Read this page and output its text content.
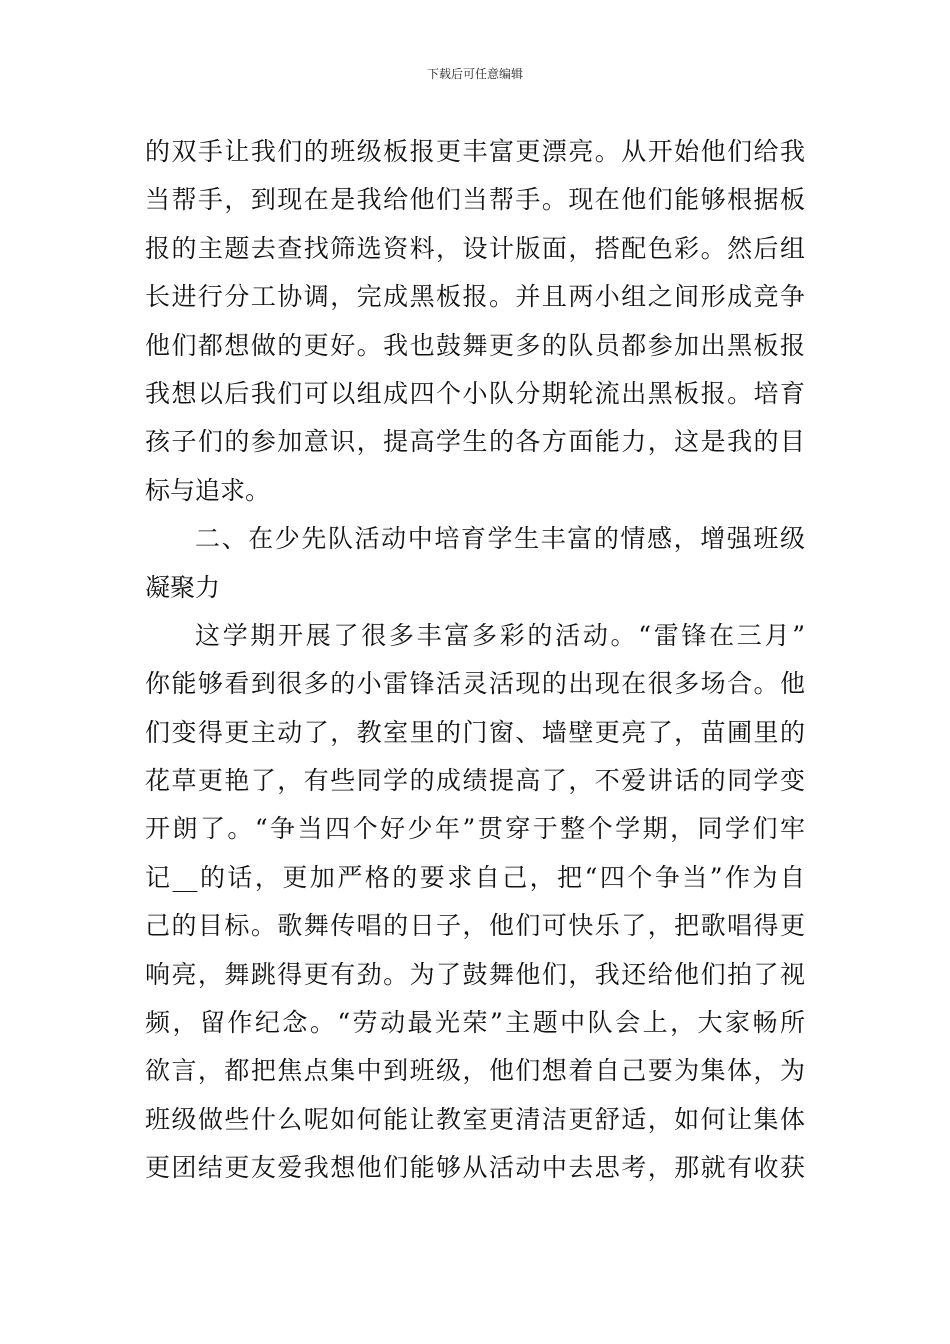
下载后可任意编辑
的双手让我们的班级板报更丰富更漂亮。从开始他们给我
当帮手，到现在是我给他们当帮手。现在他们能够根据板
报的主题去查找筛选资料，设计版面，搭配色彩。然后组
长进行分工协调，完成黑板报。并且两小组之间形成竞争
他们都想做的更好。我也鼓舞更多的队员都参加出黑板报
我想以后我们可以组成四个小队分期轮流出黑板报。培育
孩子们的参加意识，提高学生的各方面能力，这是我的目
标与追求。
二、在少先队活动中培育学生丰富的情感，增强班级
凝聚力
这学期开展了很多丰富多彩的活动。“雷锋在三月”
你能够看到很多的小雷锋活灵活现的出现在很多场合。他
们变得更主动了，教室里的门窗、墙壁更亮了，苗圃里的
花草更艳了，有些同学的成绩提高了，不爱讲话的同学变
开朗了。“争当四个好少年”贯穿于整个学期，同学们牢
记__的话，更加严格的要求自己，把“四个争当”作为自
己的目标。歌舞传唱的日子，他们可快乐了，把歌唱得更
响亮，舞跳得更有劲。为了鼓舞他们，我还给他们拍了视
频，留作纪念。“劳动最光荣”主题中队会上，大家畅所
欲言，都把焦点集中到班级，他们想着自己要为集体，为
班级做些什么呢如何能让教室更清洁更舒适，如何让集体
更团结更友爱我想他们能够从活动中去思考，那就有收获
